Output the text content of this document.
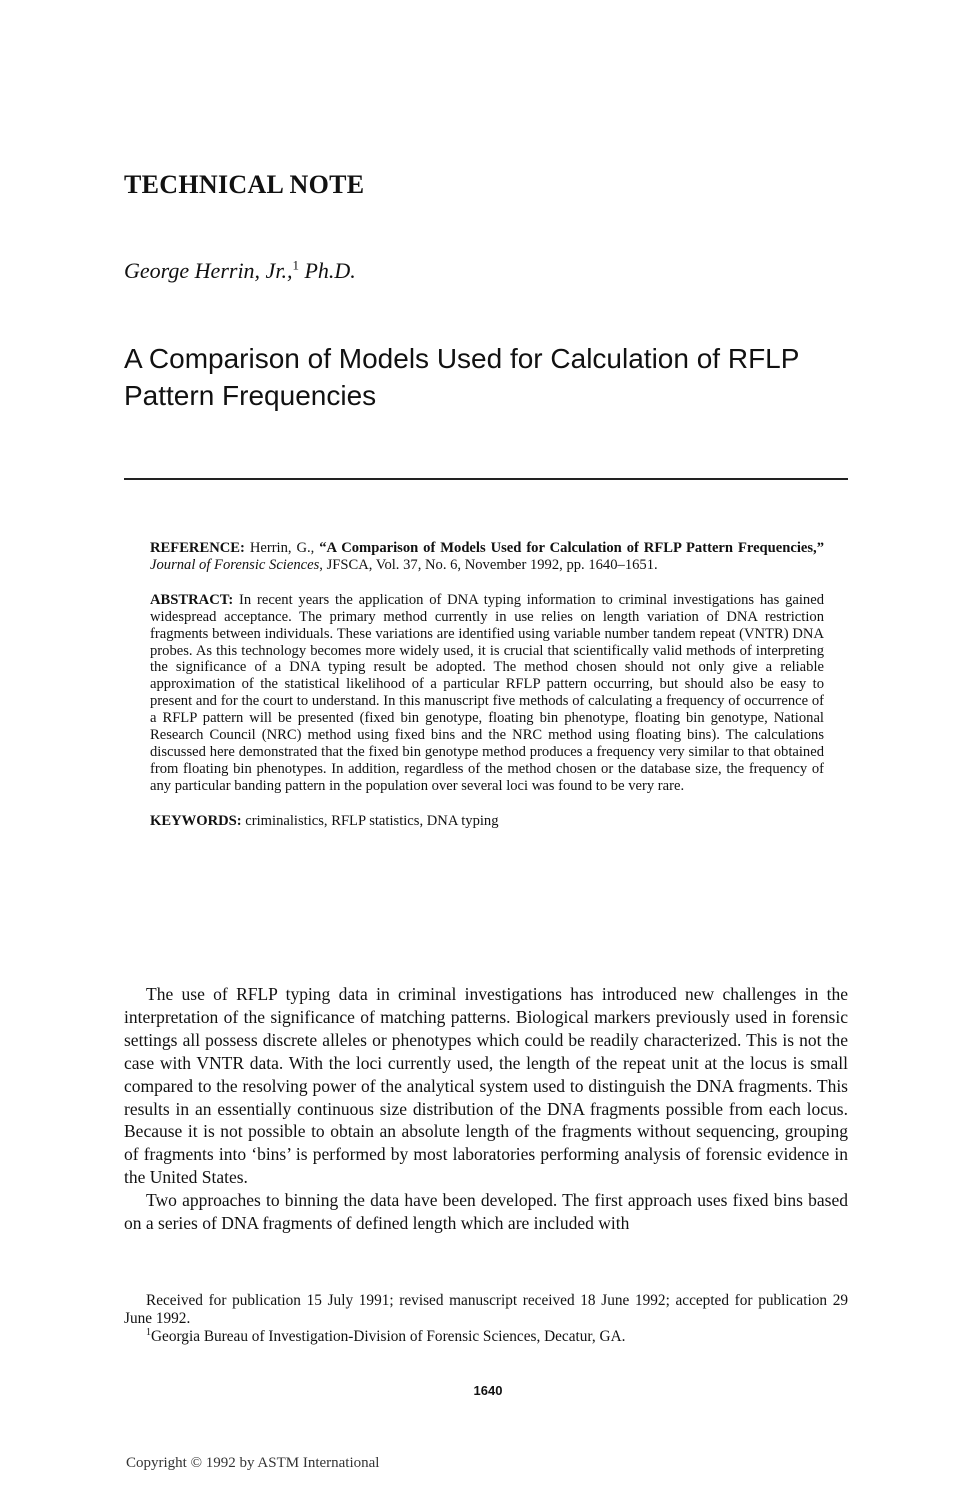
TECHNICAL NOTE

George Herrin, Jr.,$^1$ Ph.D.

A Comparison of Models Used for Calculation of RFLP Pattern Frequencies

REFERENCE: Herrin, G., “A Comparison of Models Used for Calculation of RFLP Pattern Frequencies,” Journal of Forensic Sciences, JFSCA, Vol. 37, No. 6, November 1992, pp. 1640–1651.

ABSTRACT: In recent years the application of DNA typing information to criminal investigations has gained widespread acceptance. The primary method currently in use relies on length variation of DNA restriction fragments between individuals. These variations are identified using variable number tandem repeat (VNTR) DNA probes. As this technology becomes more widely used, it is crucial that scientifically valid methods of interpreting the significance of a DNA typing result be adopted. The method chosen should not only give a reliable approximation of the statistical likelihood of a particular RFLP pattern occurring, but should also be easy to present and for the court to understand. In this manuscript five methods of calculating a frequency of occurrence of a RFLP pattern will be presented (fixed bin genotype, floating bin phenotype, floating bin genotype, National Research Council (NRC) method using fixed bins and the NRC method using floating bins). The calculations discussed here demonstrated that the fixed bin genotype method produces a frequency very similar to that obtained from floating bin phenotypes. In addition, regardless of the method chosen or the database size, the frequency of any particular banding pattern in the population over several loci was found to be very rare.

KEYWORDS: criminalistics, RFLP statistics, DNA typing

The use of RFLP typing data in criminal investigations has introduced new challenges in the interpretation of the significance of matching patterns. Biological markers previously used in forensic settings all possess discrete alleles or phenotypes which could be readily characterized. This is not the case with VNTR data. With the loci currently used, the length of the repeat unit at the locus is small compared to the resolving power of the analytical system used to distinguish the DNA fragments. This results in an essentially continuous size distribution of the DNA fragments possible from each locus. Because it is not possible to obtain an absolute length of the fragments without sequencing, grouping of fragments into ‘bins’ is performed by most laboratories performing analysis of forensic evidence in the United States.

Two approaches to binning the data have been developed. The first approach uses fixed bins based on a series of DNA fragments of defined length which are included with

Received for publication 15 July 1991; revised manuscript received 18 June 1992; accepted for publication 29 June 1992.

$^1$Georgia Bureau of Investigation-Division of Forensic Sciences, Decatur, GA.

1640
Copyright © 1992 by ASTM International
